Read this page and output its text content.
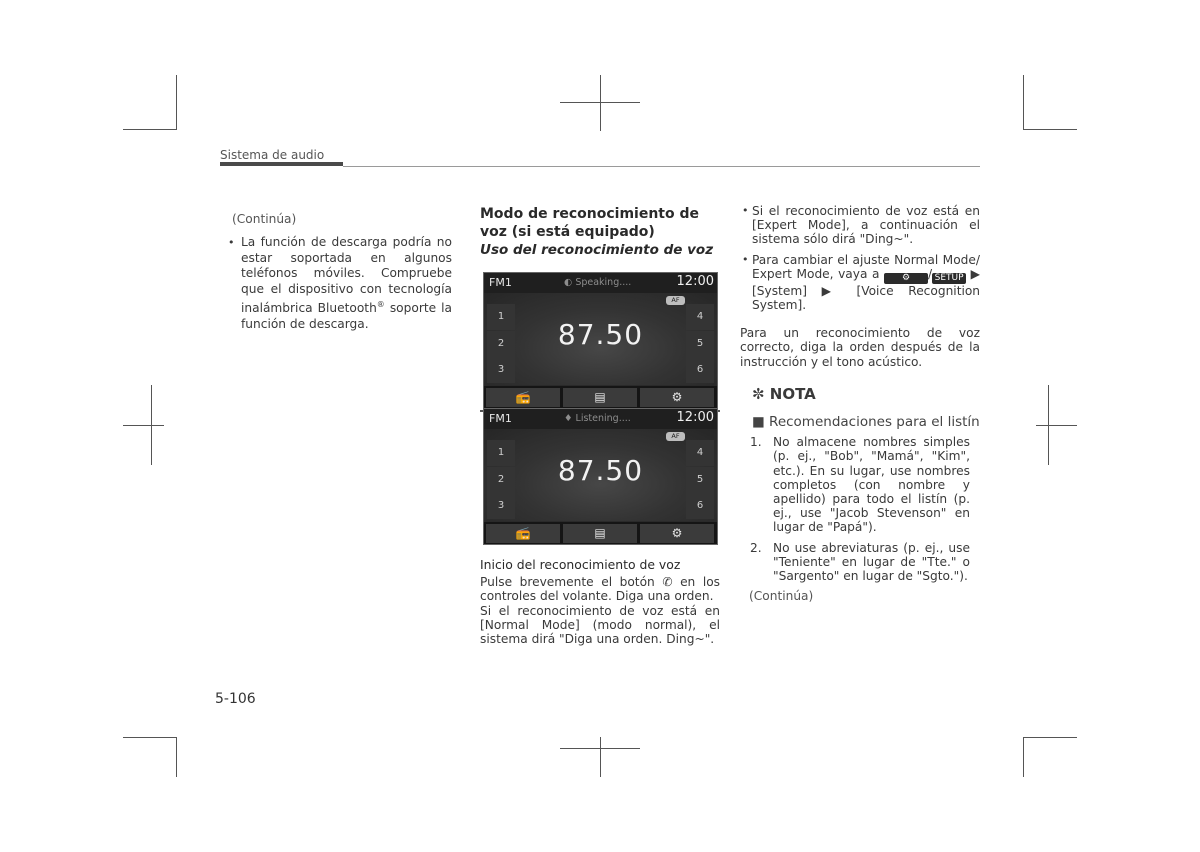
Sistema de audio
(Continúa)
• La función de descarga podría no estar soportada en algunos teléfonos móviles. Compruebe que el dispositivo con tecnología inalámbrica Bluetooth® soporte la función de descarga.
Modo de reconocimiento de voz (si está equipado)
Uso del reconocimiento de voz
1
2
3
4
5
6
87.50
FM1	◐ Speaking....	12:00
AF
📻	▤	⚙
1
2
3
4
5
6
87.50
FM1	♦ Listening....	12:00
AF
📻	▤	⚙
Inicio del reconocimiento de voz
Pulse brevemente el botón ✆ en los controles del volante. Diga una orden.
Si el reconocimiento de voz está en [Normal Mode] (modo normal), el sistema dirá "Diga una orden. Ding~".
• Si el reconocimiento de voz está en [Expert Mode], a continuación el sistema sólo dirá "Ding~".
• Para cambiar el ajuste Normal Mode/ Expert Mode, vaya a ⚙ / SETUP ▶ [System] ▶ [Voice Recognition System].
Para un reconocimiento de voz correcto, diga la orden después de la instrucción y el tono acústico.
✼ NOTA
■ Recomendaciones para el listín
1. No almacene nombres simples (p. ej., "Bob", "Mamá", "Kim", etc.). En su lugar, use nombres completos (con nombre y apellido) para todo el listín (p. ej., use "Jacob Stevenson" en lugar de "Papá").
2. No use abreviaturas (p. ej., use "Teniente" en lugar de "Tte." o "Sargento" en lugar de "Sgto.").
(Continúa)
5-106
